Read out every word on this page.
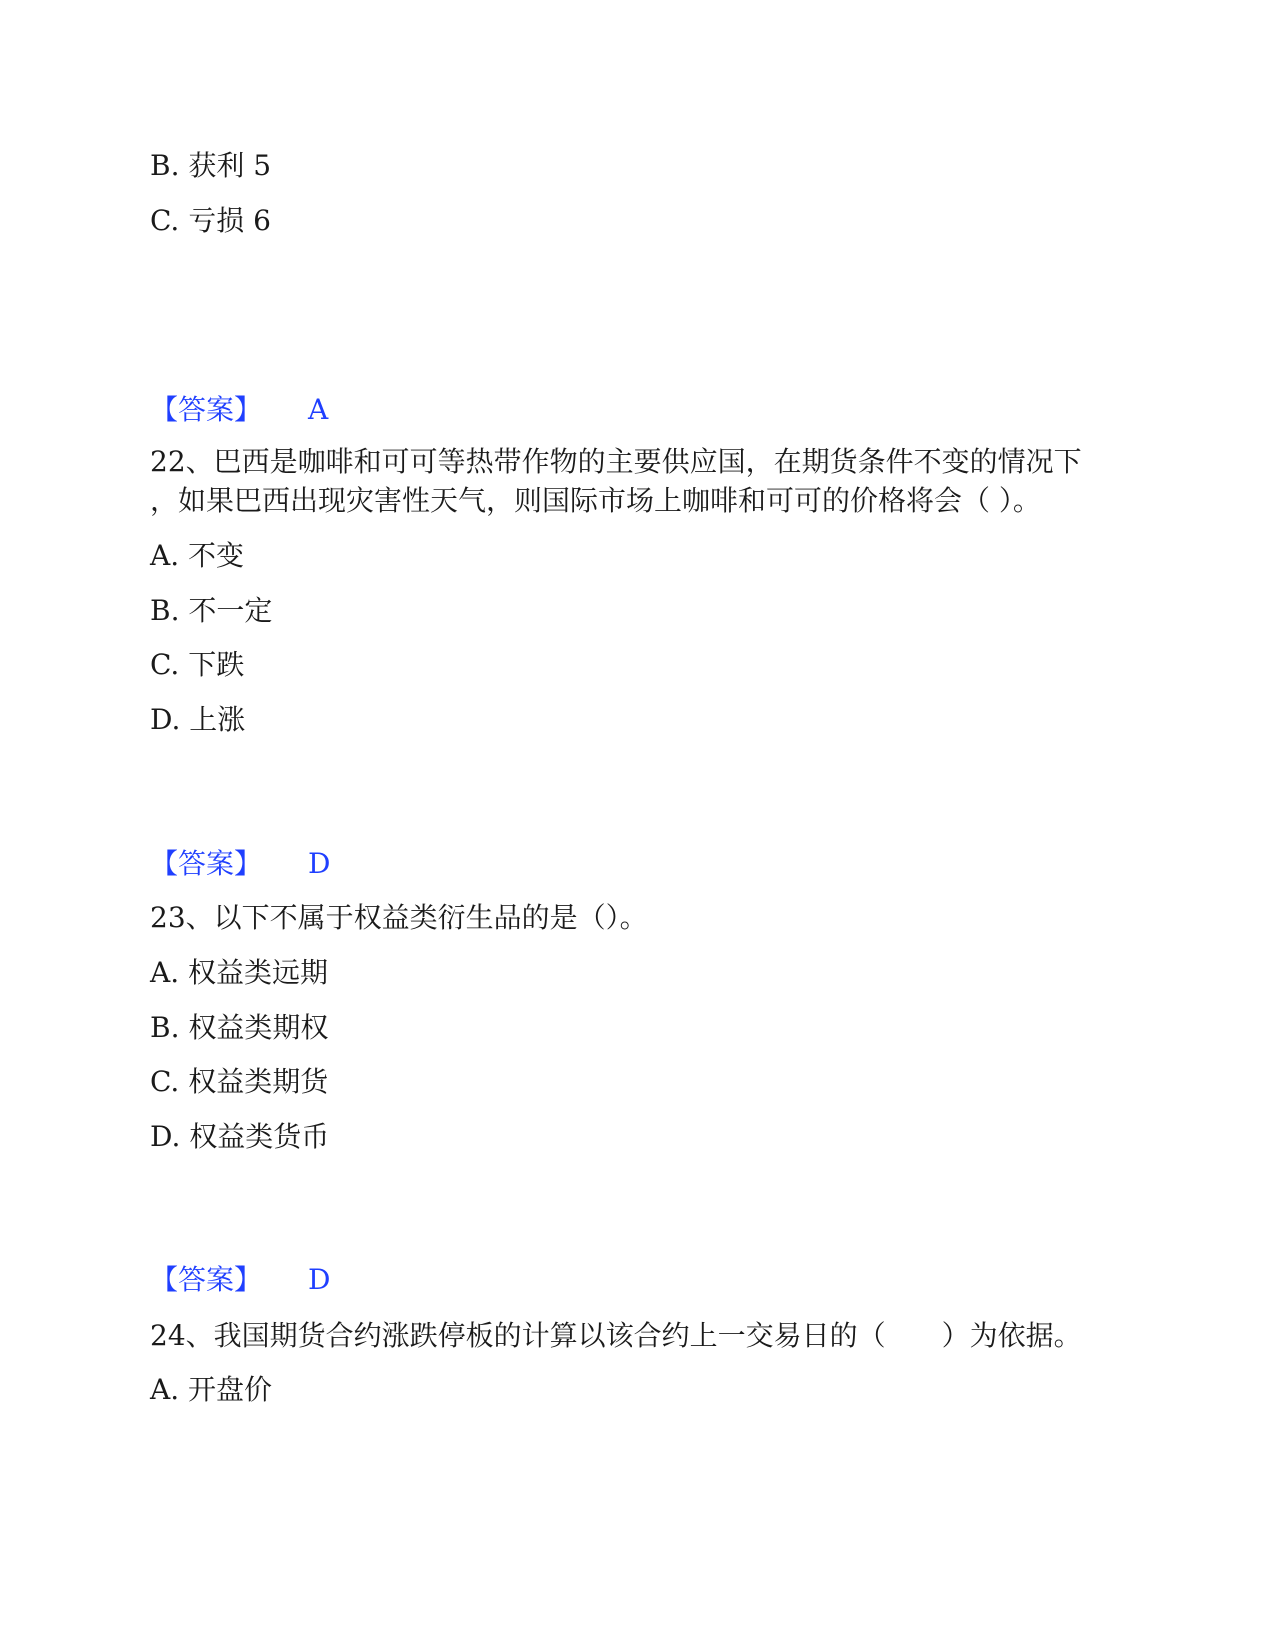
B. 获利 5
C. 亏损 6
【答案】 A
22、巴西是咖啡和可可等热带作物的主要供应国，在期货条件不变的情况下
，如果巴西出现灾害性天气，则国际市场上咖啡和可可的价格将会（ ）。
A. 不变
B. 不一定
C. 下跌
D. 上涨
【答案】 D
23、以下不属于权益类衍生品的是（）。
A. 权益类远期
B. 权益类期权
C. 权益类期货
D. 权益类货币
【答案】 D
24、我国期货合约涨跌停板的计算以该合约上一交易日的（　　）为依据。
A. 开盘价
